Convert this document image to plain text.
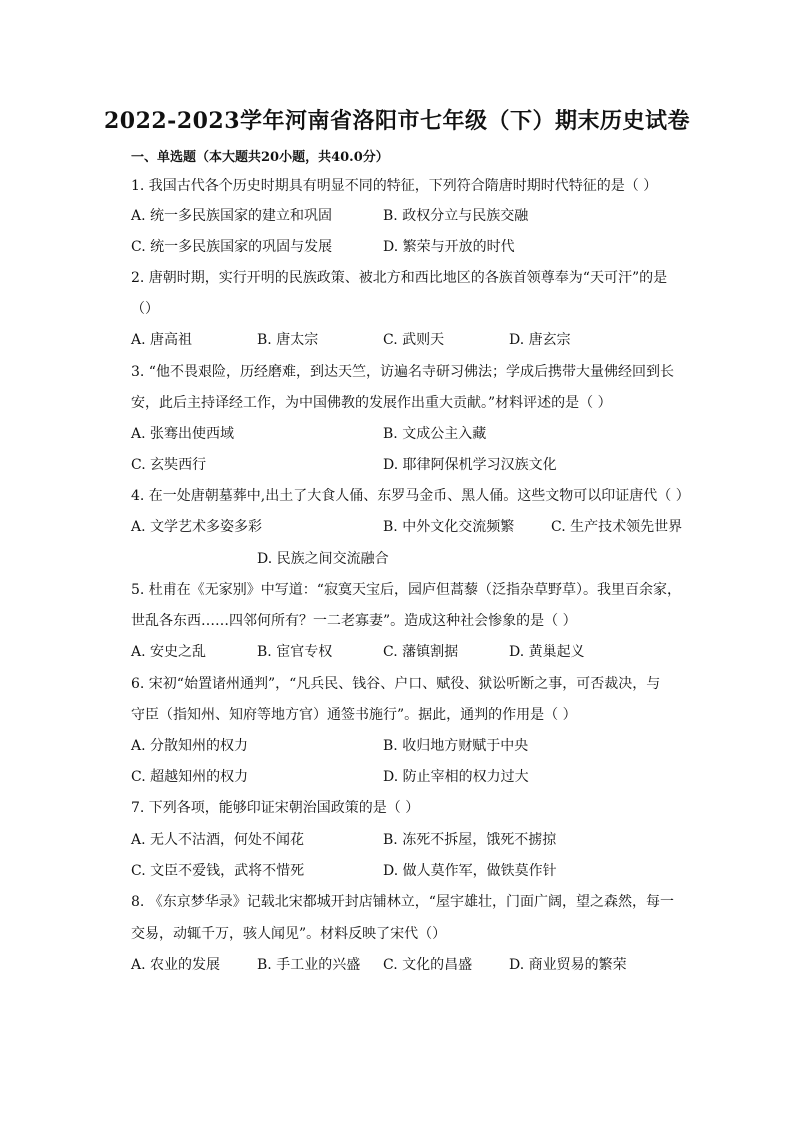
2022-2023学年河南省洛阳市七年级（下）期末历史试卷
一、单选题（本大题共20小题，共40.0分）
1. 我国古代各个历史时期具有明显不同的特征，下列符合隋唐时期时代特征的是（ ）
A. 统一多民族国家的建立和巩固	B. 政权分立与民族交融
C. 统一多民族国家的巩固与发展	D. 繁荣与开放的时代
2. 唐朝时期，实行开明的民族政策、被北方和西比地区的各族首领尊奉为“天可汗”的是
（）
A. 唐高祖	B. 唐太宗	C. 武则天	D. 唐玄宗
3. “他不畏艰险，历经磨难，到达天竺，访遍名寺研习佛法；学成后携带大量佛经回到长
安，此后主持译经工作，为中国佛教的发展作出重大贡献。”材料评述的是（ ）
A. 张骞出使西域	B. 文成公主入藏
C. 玄奘西行	D. 耶律阿保机学习汉族文化
4. 在一处唐朝墓葬中,出土了大食人俑、东罗马金币、黑人俑。这些文物可以印证唐代（ ）
A. 文学艺术多姿多彩	B. 中外文化交流频繁	C. 生产技术领先世界
D. 民族之间交流融合
5. 杜甫在《无家别》中写道：“寂寞天宝后，园庐但蒿藜（泛指杂草野草）。我里百余家，
世乱各东西……四邻何所有？一二老寡妻”。造成这种社会惨象的是（ ）
A. 安史之乱	B. 宦官专权	C. 藩镇割据	D. 黄巢起义
6. 宋初“始置诸州通判”，“凡兵民、钱谷、户口、赋役、狱讼听断之事，可否裁决，与
守臣（指知州、知府等地方官）通签书施行”。据此，通判的作用是（ ）
A. 分散知州的权力	B. 收归地方财赋于中央
C. 超越知州的权力	D. 防止宰相的权力过大
7. 下列各项，能够印证宋朝治国政策的是（ ）
A. 无人不沽酒，何处不闻花	B. 冻死不拆屋，饿死不掳掠
C. 文臣不爱钱，武将不惜死	D. 做人莫作军，做铁莫作针
8. 《东京梦华录》记载北宋都城开封店铺林立，“屋宇雄壮，门面广阔，望之森然，每一
交易，动辄千万，骇人闻见”。材料反映了宋代（）
A. 农业的发展	B. 手工业的兴盛 C. 文化的昌盛	D. 商业贸易的繁荣
